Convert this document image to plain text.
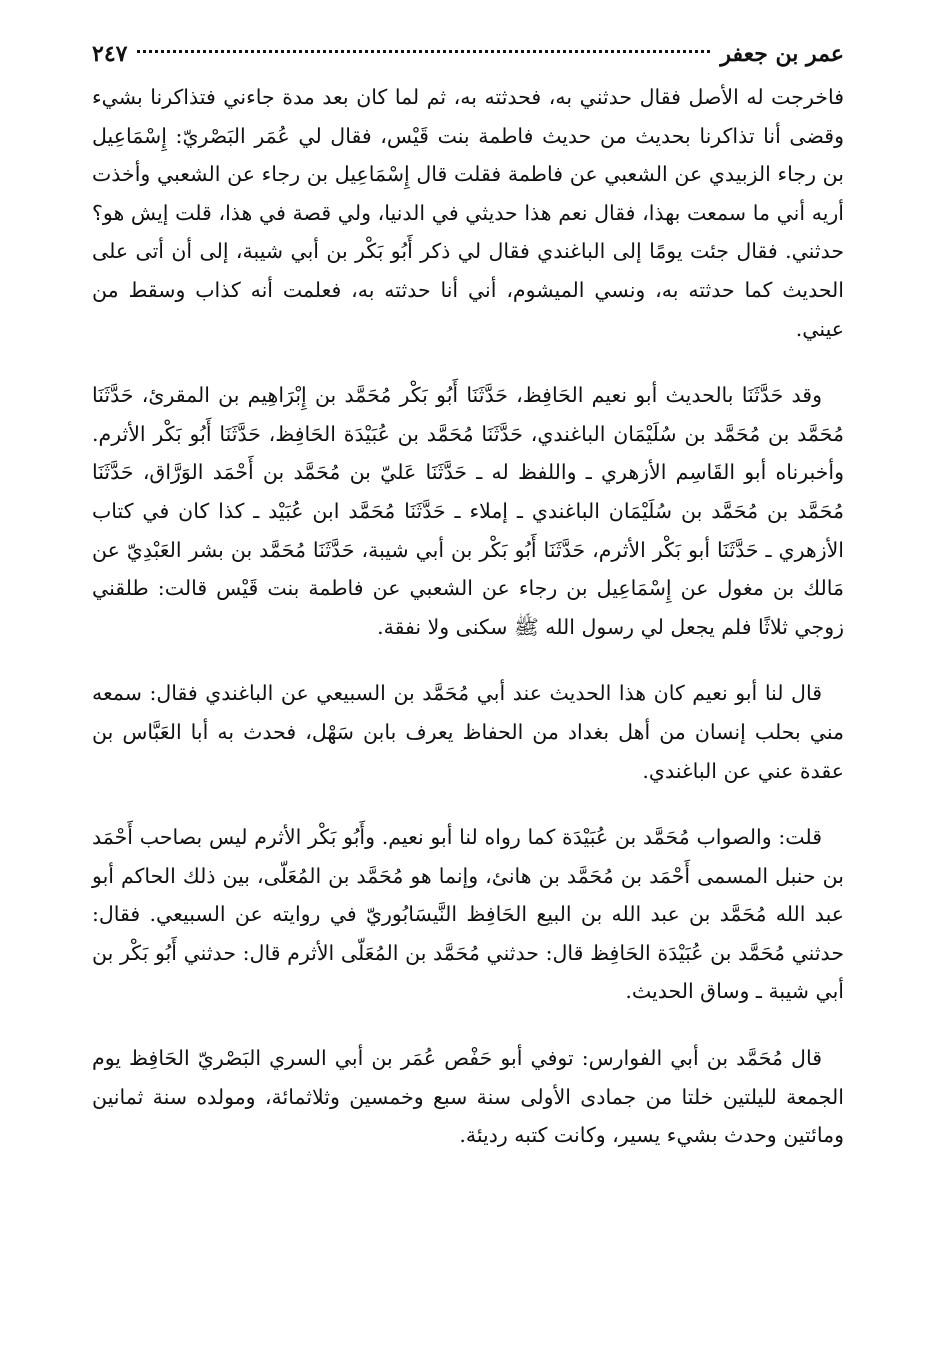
عمر بن جعفر
٢٤٧

فاخرجت له الأصل فقال حدثني به، فحدثته به، ثم لما كان بعد مدة جاءني فتذاكرنا بشيء وقضى أنا تذاكرنا بحديث من حديث فاطمة بنت قَيْس، فقال لي عُمَر البَصْريّ: إِسْمَاعِيل بن رجاء الزبيدي عن الشعبي عن فاطمة فقلت قال إِسْمَاعِيل بن رجاء عن الشعبي وأخذت أريه أني ما سمعت بهذا، فقال نعم هذا حديثي في الدنيا، ولي قصة في هذا، قلت إيش هو؟ حدثني. فقال جئت يومًا إلى الباغندي فقال لي ذكر أَبُو بَكْر بن أبي شيبة، إلى أن أتى على الحديث كما حدثته به، ونسي الميشوم، أني أنا حدثته به، فعلمت أنه كذاب وسقط من عيني.

وقد حَدَّثَنَا بالحديث أبو نعيم الحَافِظ، حَدَّثَنَا أَبُو بَكْر مُحَمَّد بن إِبْرَاهِيم بن المقرئ، حَدَّثَنَا مُحَمَّد بن مُحَمَّد بن سُلَيْمَان الباغندي، حَدَّثَنَا مُحَمَّد بن عُبَيْدَة الحَافِظ، حَدَّثَنَا أَبُو بَكْر الأثرم. وأخبرناه أبو القَاسِم الأزهري ـ واللفظ له ـ حَدَّثَنَا عَليّ بن مُحَمَّد بن أَحْمَد الوَرَّاق، حَدَّثَنَا مُحَمَّد بن مُحَمَّد بن سُلَيْمَان الباغندي ـ إملاء ـ حَدَّثَنَا مُحَمَّد ابن عُبَيْد ـ كذا كان في كتاب الأزهري ـ حَدَّثَنَا أبو بَكْر الأثرم، حَدَّثَنَا أَبُو بَكْر بن أبي شيبة، حَدَّثَنَا مُحَمَّد بن بشر العَبْدِيّ عن مَالك بن مغول عن إِسْمَاعِيل بن رجاء عن الشعبي عن فاطمة بنت قَيْس قالت: طلقني زوجي ثلاثًا فلم يجعل لي رسول الله ﷺ سكنى ولا نفقة.

قال لنا أبو نعيم كان هذا الحديث عند أبي مُحَمَّد بن السبيعي عن الباغندي فقال: سمعه مني بحلب إنسان من أهل بغداد من الحفاظ يعرف بابن سَهْل، فحدث به أبا العَبَّاس بن عقدة عني عن الباغندي.

قلت: والصواب مُحَمَّد بن عُبَيْدَة كما رواه لنا أبو نعيم. وأَبُو بَكْر الأثرم ليس بصاحب أَحْمَد بن حنبل المسمى أَحْمَد بن مُحَمَّد بن هانئ، وإنما هو مُحَمَّد بن المُعَلّى، بين ذلك الحاكم أبو عبد الله مُحَمَّد بن عبد الله بن البيع الحَافِظ النَّيسَابُوريّ في روايته عن السبيعي. فقال: حدثني مُحَمَّد بن عُبَيْدَة الحَافِظ قال: حدثني مُحَمَّد بن المُعَلّى الأثرم قال: حدثني أَبُو بَكْر بن أبي شيبة ـ وساق الحديث.

قال مُحَمَّد بن أبي الفوارس: توفي أبو حَفْص عُمَر بن أبي السري البَصْريّ الحَافِظ يوم الجمعة لليلتين خلتا من جمادى الأولى سنة سبع وخمسين وثلاثمائة، ومولده سنة ثمانين ومائتين وحدث بشيء يسير، وكانت كتبه رديئة.
